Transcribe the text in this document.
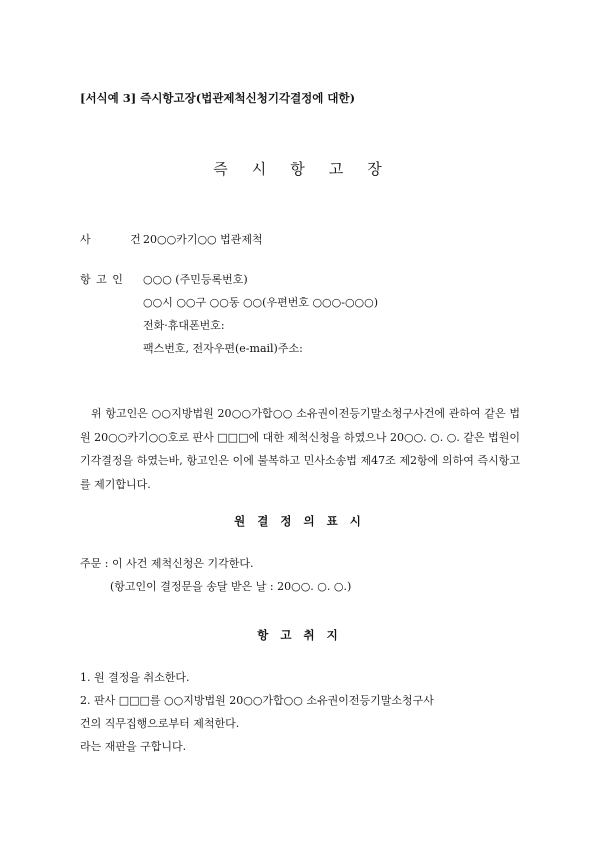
[서식예 3] 즉시항고장(법관제척신청기각결정에 대한)
즉시항고장
사 건
20○○카기○○ 법관제척
항 고 인 ○○○ (주민등록번호)
○○시 ○○구 ○○동 ○○(우편번호 ○○○-○○○)
전화·휴대폰번호:
팩스번호, 전자우편(e-mail)주소:
위 항고인은 ○○지방법원 20○○가합○○ 소유권이전등기말소청구사건에 관하여 같은 법원 20○○카기○○호로 판사 □□□에 대한 제척신청을 하였으나 20○○. ○. ○. 같은 법원이 기각결정을 하였는바, 항고인은 이에 불복하고 민사소송법 제47조 제2항에 의하여 즉시항고를 제기합니다.
원결정의표시
주문 : 이 사건 제척신청은 기각한다.
(항고인이 결정문을 송달 받은 날 : 20○○. ○. ○.)
항고취지
1. 원 결정을 취소한다.
2. 판사 □□□를 ○○지방법원 20○○가합○○ 소유권이전등기말소청구사
건의 직무집행으로부터 제척한다.
라는 재판을 구합니다.
